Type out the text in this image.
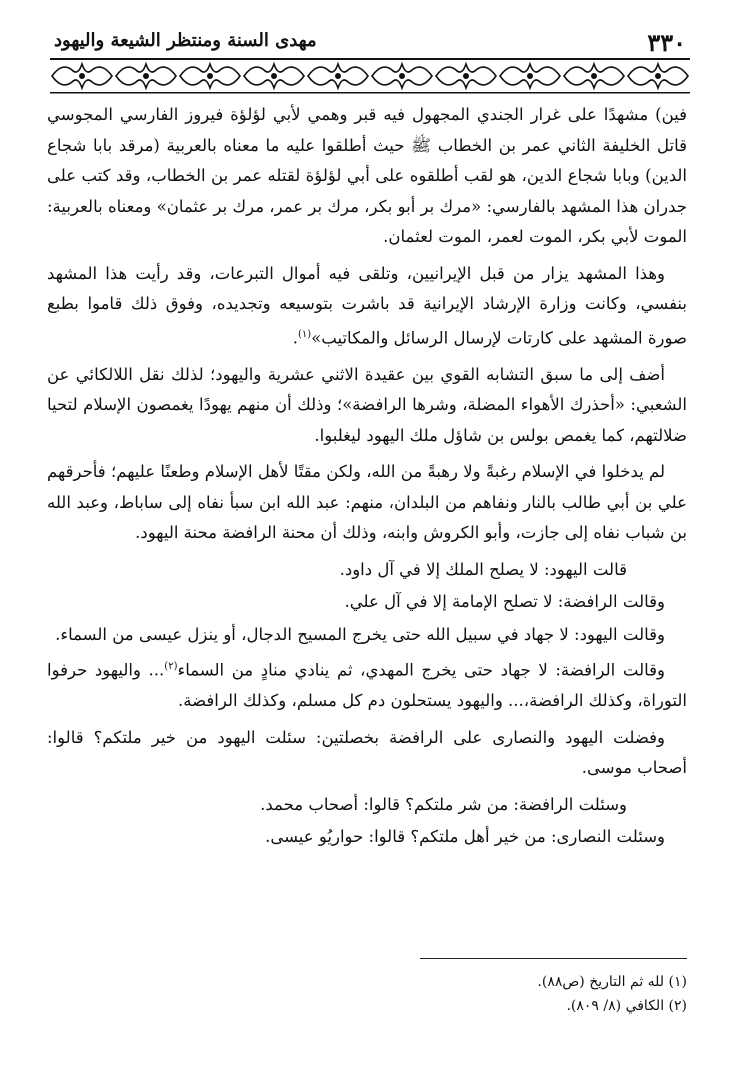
٣٣٠
مهدى السنة ومنتظر الشيعة واليهود

فين) مشهدًا على غرار الجندي المجهول فيه قبر وهمي لأبي لؤلؤة فيروز الفارسي المجوسي قاتل الخليفة الثاني عمر بن الخطاب ﷺ حيث أطلقوا عليه ما معناه بالعربية (مرقد بابا شجاع الدين) وبابا شجاع الدين، هو لقب أطلقوه على أبي لؤلؤة لقتله عمر بن الخطاب، وقد كتب على جدران هذا المشهد بالفارسي: «مرك بر أبو بكر، مرك بر عمر، مرك بر عثمان» ومعناه بالعربية: الموت لأبي بكر، الموت لعمر، الموت لعثمان.

وهذا المشهد يزار من قبل الإيرانيين، وتلقى فيه أموال التبرعات، وقد رأيت هذا المشهد بنفسي، وكانت وزارة الإرشاد الإيرانية قد باشرت بتوسيعه وتجديده، وفوق ذلك قاموا بطبع صورة المشهد على كارتات لإرسال الرسائل والمكاتيب»$^{(١)}$.

أضف إلى ما سبق التشابه القوي بين عقيدة الاثني عشرية واليهود؛ لذلك نقل اللالكائي عن الشعبي: «أحذرك الأهواء المضلة، وشرها الرافضة»؛ وذلك أن منهم يهودًا يغمصون الإسلام لتحيا ضلالتهم، كما يغمص بولس بن شاؤل ملك اليهود ليغلبوا.

لم يدخلوا في الإسلام رغبةً ولا رهبةً من الله، ولكن مقتًا لأهل الإسلام وطعنًا عليهم؛ فأحرقهم علي بن أبي طالب بالنار ونفاهم من البلدان، منهم: عبد الله ابن سبأ نفاه إلى ساباط، وعبد الله بن شباب نفاه إلى جازت، وأبو الكروش وابنه، وذلك أن محنة الرافضة محنة اليهود.

قالت اليهود: لا يصلح الملك إلا في آل داود.

وقالت الرافضة: لا تصلح الإمامة إلا في آل علي.

وقالت اليهود: لا جهاد في سبيل الله حتى يخرج المسيح الدجال، أو ينزل عيسى من السماء.

وقالت الرافضة: لا جهاد حتى يخرج المهدي، ثم ينادي منادٍ من السماء$^{(٢)}$... واليهود حرفوا التوراة، وكذلك الرافضة،... واليهود يستحلون دم كل مسلم، وكذلك الرافضة.

وفضلت اليهود والنصارى على الرافضة بخصلتين: سئلت اليهود من خير ملتكم؟ قالوا: أصحاب موسى.

وسئلت الرافضة: من شر ملتكم؟ قالوا: أصحاب محمد.

وسئلت النصارى: من خير أهل ملتكم؟ قالوا: حواريُو عيسى.

(١) لله ثم التاريخ (ص٨٨).
(٢) الكافي (٨/ ٨٠٩).
